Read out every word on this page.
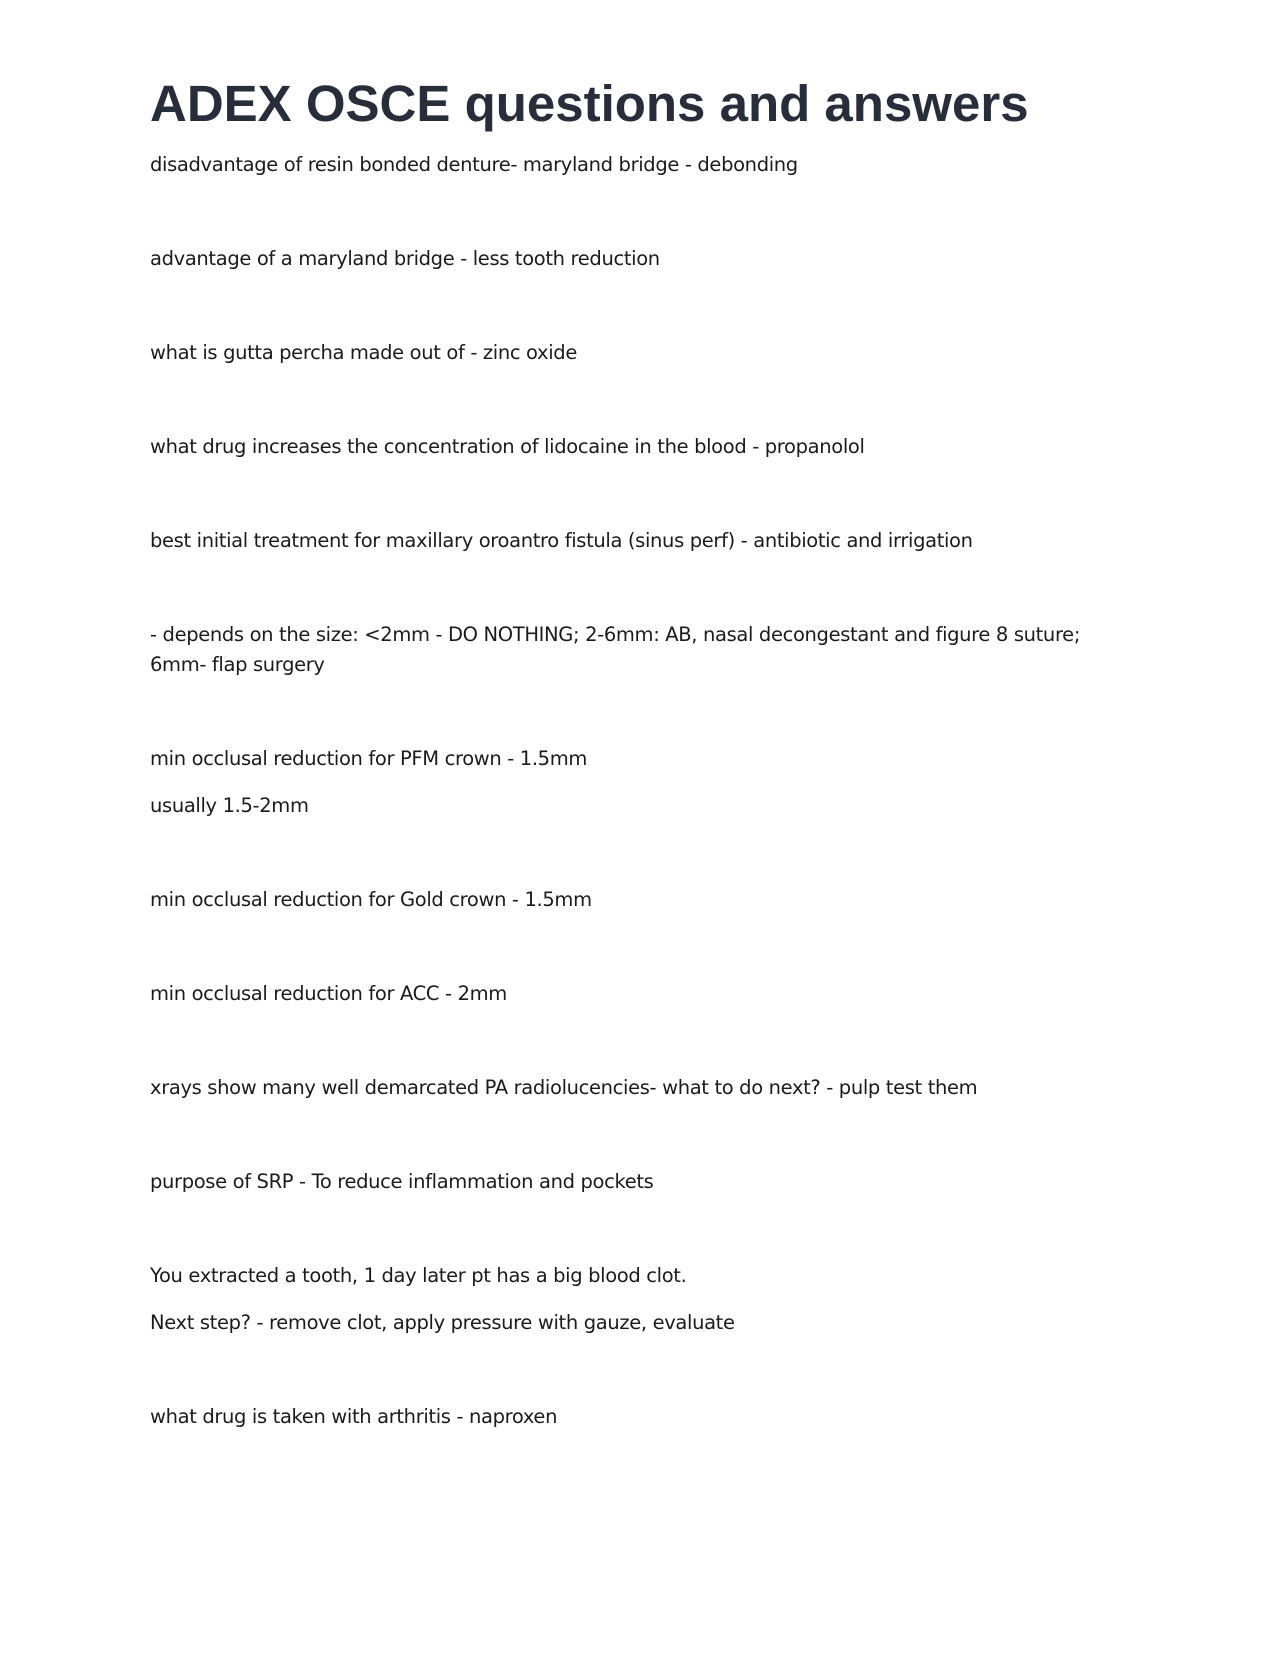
ADEX OSCE questions and answers

disadvantage of resin bonded denture- maryland bridge - debonding

advantage of a maryland bridge - less tooth reduction

what is gutta percha made out of - zinc oxide

what drug increases the concentration of lidocaine in the blood - propanolol

best initial treatment for maxillary oroantro fistula (sinus perf) - antibiotic and irrigation

- depends on the size: <2mm - DO NOTHING; 2-6mm: AB, nasal decongestant and figure 8 suture; 6mm- flap surgery

min occlusal reduction for PFM crown - 1.5mm

usually 1.5-2mm

min occlusal reduction for Gold crown - 1.5mm

min occlusal reduction for ACC - 2mm

xrays show many well demarcated PA radiolucencies- what to do next? - pulp test them

purpose of SRP - To reduce inflammation and pockets

You extracted a tooth, 1 day later pt has a big blood clot.

Next step? - remove clot, apply pressure with gauze, evaluate

what drug is taken with arthritis - naproxen
